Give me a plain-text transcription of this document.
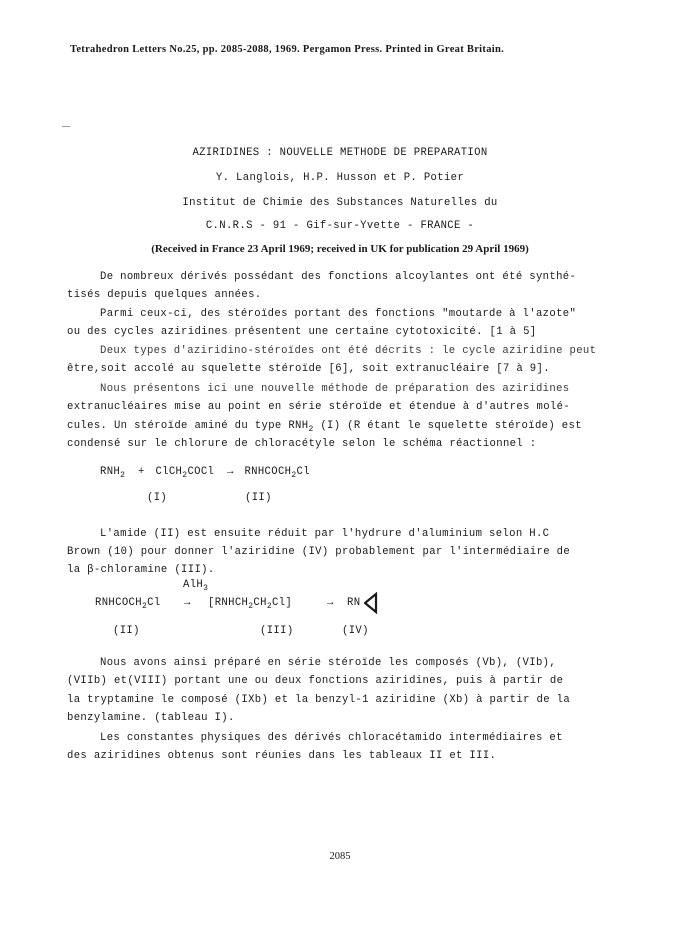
Tetrahedron Letters No.25, pp. 2085-2088, 1969. Pergamon Press. Printed in Great Britain.
AZIRIDINES : NOUVELLE METHODE DE PREPARATION
Y. Langlois, H.P. Husson et P. Potier
Institut de Chimie des Substances Naturelles du
C.N.R.S - 91 - Gif-sur-Yvette - FRANCE -
(Received in France 23 April 1969; received in UK for publication 29 April 1969)
De nombreux dérivés possédant des fonctions alcoylantes ont été synthé-
tisés depuis quelques années.
Parmi ceux-ci, des stéroïdes portant des fonctions "moutarde à l'azote"
ou des cycles aziridines présentent une certaine cytotoxicité. [1 à 5]
Deux types d'aziridino-stéroïdes ont été décrits : le cycle aziridine peut
être,soit accolé au squelette stéroïde [6], soit extranucléaire [7 à 9].
Nous présentons ici une nouvelle méthode de préparation des aziridines
extranucléaires mise au point en série stéroïde et étendue à d'autres molé-
cules. Un stéroïde aminé du type $RNH_2$ (I) (R étant le squelette stéroïde) est
condensé sur le chlorure de chloracétyle selon le schéma réactionnel :
$RNH_2$ + ClCH$_2$COCl → $RNHCOCH_2Cl$
(I)	(II)
L'amide (II) est ensuite réduit par l'hydrure d'aluminium selon H.C
Brown (10) pour donner l'aziridine (IV) probablement par l'intermédiaire de
la β-chloramine (III).
AlH$_3$
$RNHCOCH_2Cl$ → $[RNHCH_2CH_2Cl]$	→ RN
(II)	(III)	(IV)
Nous avons ainsi préparé en série stéroïde les composés (Vb), (VIb),
(VIIb) et(VIII) portant une ou deux fonctions aziridines, puis à partir de
la tryptamine le composé (IXb) et la benzyl-1 aziridine (Xb) à partir de la
benzylamine. (tableau I).
Les constantes physiques des dérivés chloracétamido intermédiaires et
des aziridines obtenus sont réunies dans les tableaux II et III.
2085
